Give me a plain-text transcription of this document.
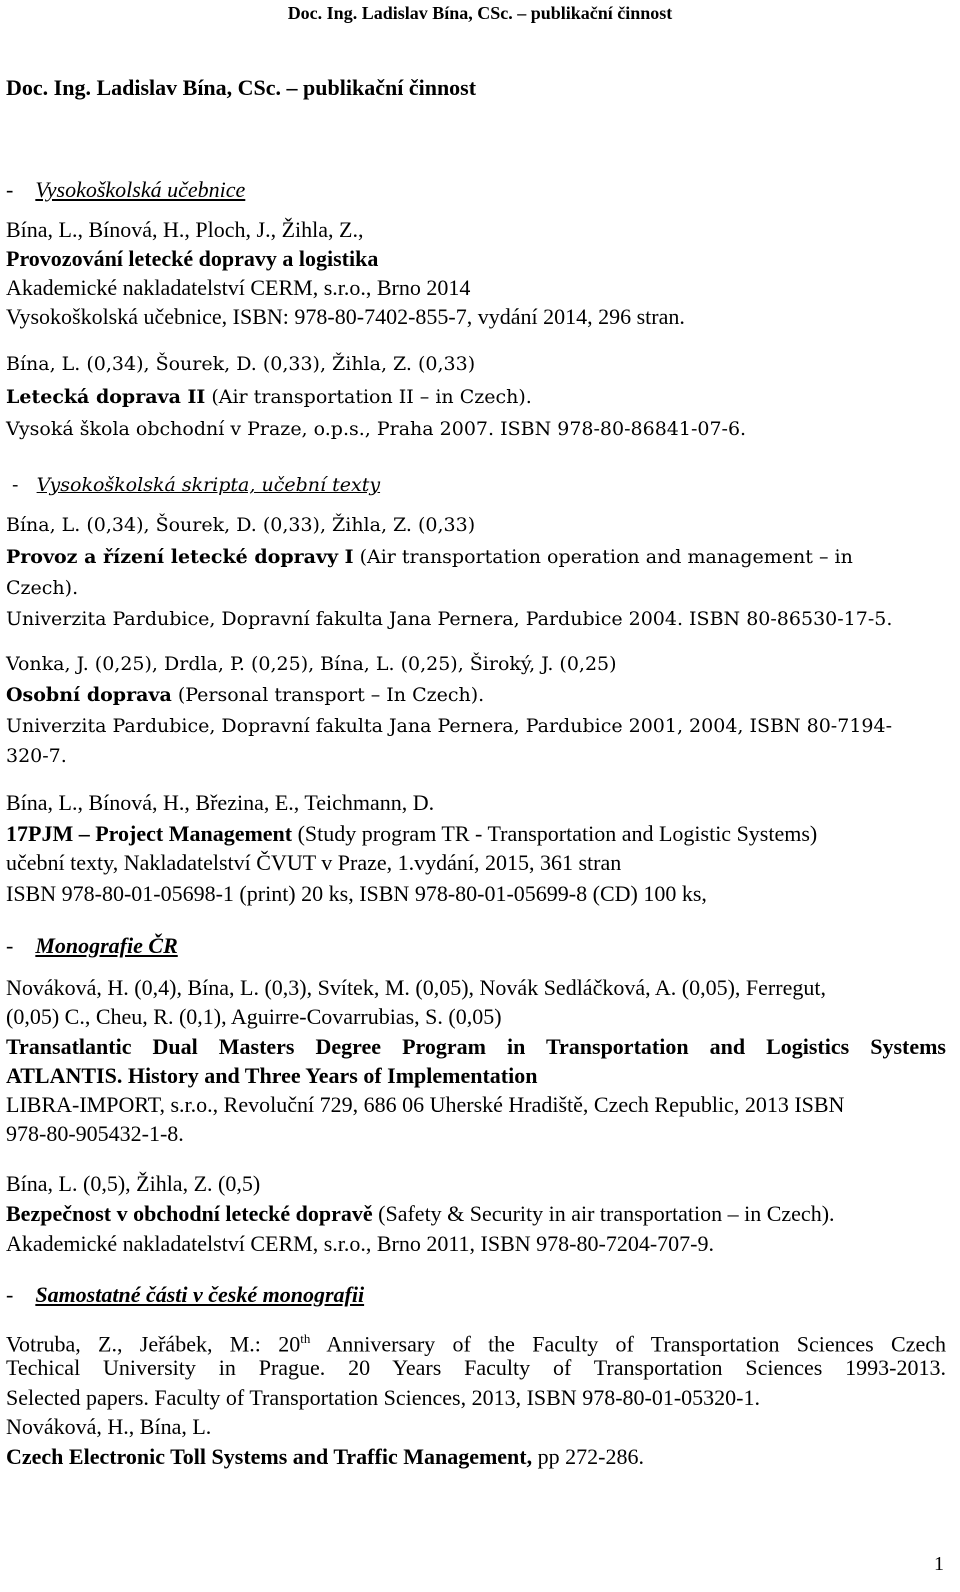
Doc. Ing. Ladislav Bína, CSc. – publikační činnost
Doc. Ing. Ladislav Bína, CSc. – publikační činnost
- Vysokoškolská učebnice
Bína, L., Bínová, H., Ploch, J., Žihla, Z.,
Provozování letecké dopravy a logistika
Akademické nakladatelství CERM, s.r.o., Brno 2014
Vysokoškolská učebnice, ISBN: 978-80-7402-855-7, vydání 2014, 296 stran.
Bína, L. (0,34), Šourek, D. (0,33), Žihla, Z. (0,33)
Letecká doprava II (Air transportation II – in Czech).
Vysoká škola obchodní v Praze, o.p.s., Praha 2007. ISBN 978-80-86841-07-6.
- Vysokoškolská skripta, učební texty
Bína, L. (0,34), Šourek, D. (0,33), Žihla, Z. (0,33)
Provoz a řízení letecké dopravy I (Air transportation operation and management – in
Czech).
Univerzita Pardubice, Dopravní fakulta Jana Pernera, Pardubice 2004. ISBN 80-86530-17-5.
Vonka, J. (0,25), Drdla, P. (0,25), Bína, L. (0,25), Široký, J. (0,25)
Osobní doprava (Personal transport – In Czech).
Univerzita Pardubice, Dopravní fakulta Jana Pernera, Pardubice 2001, 2004, ISBN 80-7194-
320-7.
Bína, L., Bínová, H., Březina, E., Teichmann, D.
17PJM – Project Management (Study program TR - Transportation and Logistic Systems)
učební texty, Nakladatelství ČVUT v Praze, 1.vydání, 2015, 361 stran
ISBN 978-80-01-05698-1 (print) 20 ks, ISBN 978-80-01-05699-8 (CD) 100 ks,
- Monografie ČR
Nováková, H. (0,4), Bína, L. (0,3), Svítek, M. (0,05), Novák Sedláčková, A. (0,05), Ferregut,
(0,05) C., Cheu, R. (0,1), Aguirre-Covarrubias, S. (0,05)
Transatlantic Dual Masters Degree Program in Transportation and Logistics Systems
ATLANTIS. History and Three Years of Implementation
LIBRA-IMPORT, s.r.o., Revoluční 729, 686 06 Uherské Hradiště, Czech Republic, 2013 ISBN
978-80-905432-1-8.
Bína, L. (0,5), Žihla, Z. (0,5)
Bezpečnost v obchodní letecké dopravě (Safety & Security in air transportation – in Czech).
Akademické nakladatelství CERM, s.r.o., Brno 2011, ISBN 978-80-7204-707-9.
- Samostatné části v české monografii
Votruba, Z., Jeřábek, M.: 20th Anniversary of the Faculty of Transportation Sciences Czech
Techical University in Prague. 20 Years Faculty of Transportation Sciences 1993-2013.
Selected papers. Faculty of Transportation Sciences, 2013, ISBN 978-80-01-05320-1.
Nováková, H., Bína, L.
Czech Electronic Toll Systems and Traffic Management, pp 272-286.
1
